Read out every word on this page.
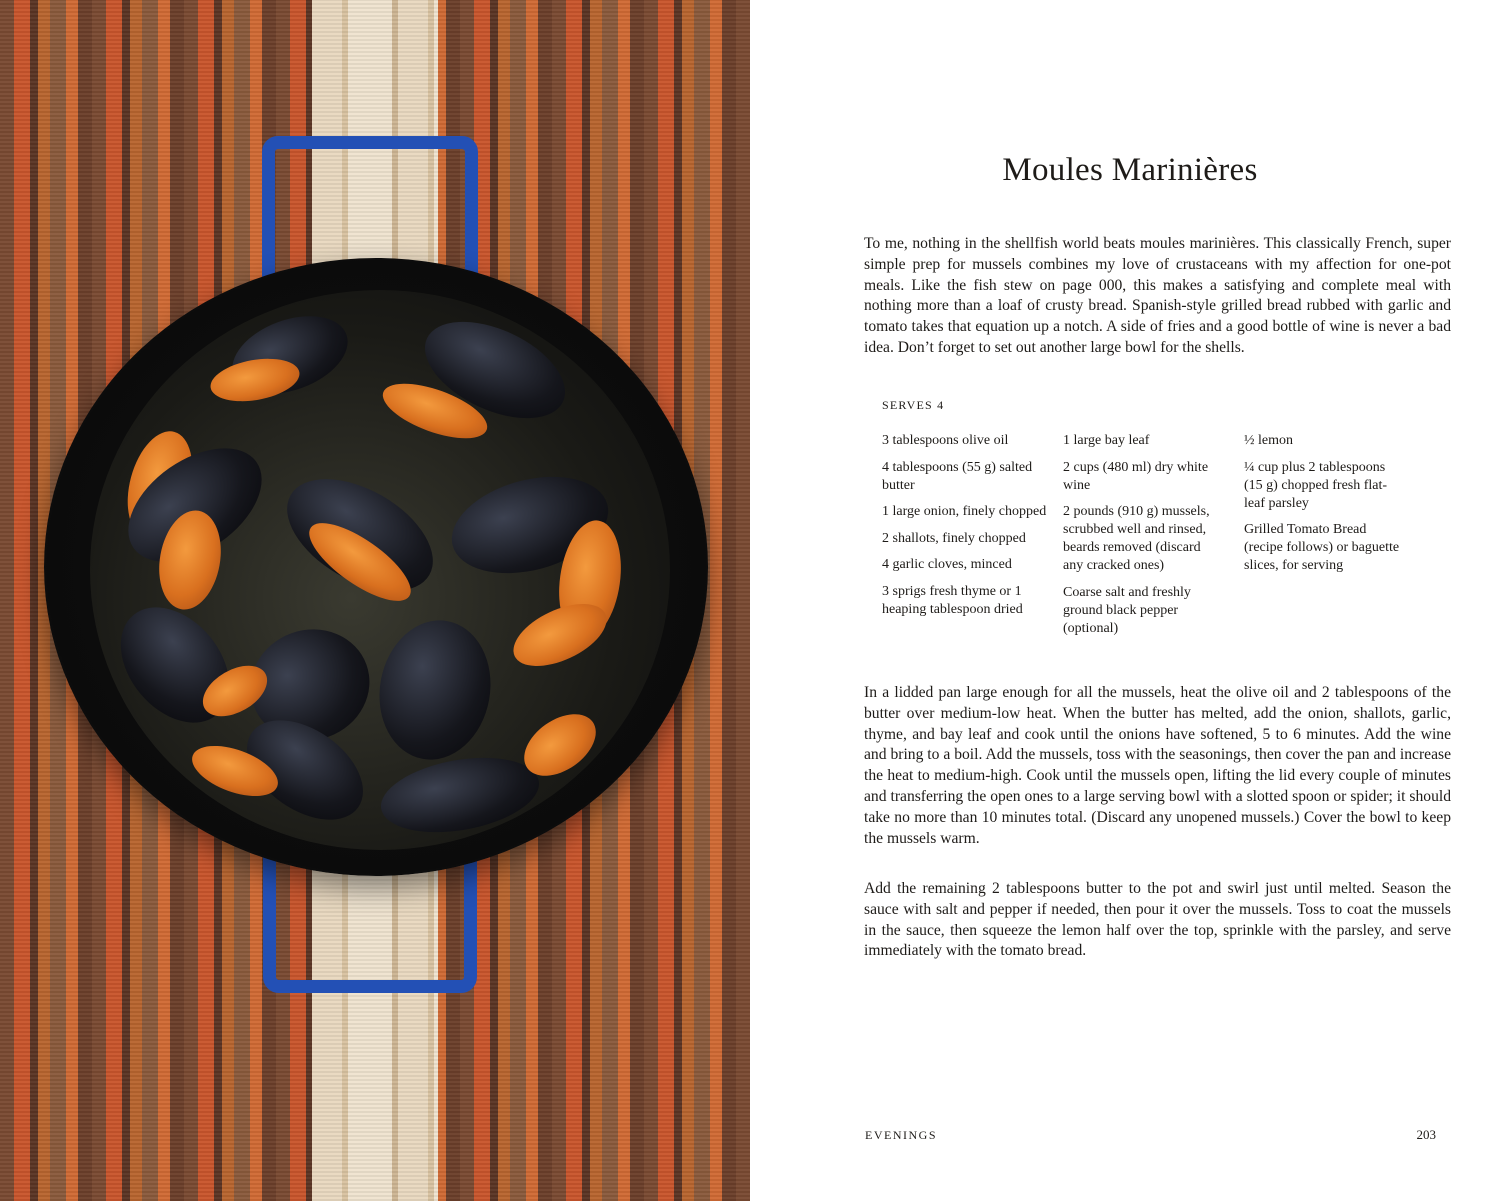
Moules Marinières

To me, nothing in the shellfish world beats moules marinières. This classically French, super simple prep for mussels combines my love of crustaceans with my affection for one-pot meals. Like the fish stew on page 000, this makes a satisfying and complete meal with nothing more than a loaf of crusty bread. Spanish-style grilled bread rubbed with garlic and tomato takes that equation up a notch. A side of fries and a good bottle of wine is never a bad idea. Don’t forget to set out another large bowl for the shells.

SERVES 4
3 tablespoons olive oil
4 tablespoons (55 g) salted butter
1 large onion, finely chopped
2 shallots, finely chopped
4 garlic cloves, minced
3 sprigs fresh thyme or 1 heaping tablespoon dried
1 large bay leaf
2 cups (480 ml) dry white wine
2 pounds (910 g) mussels, scrubbed well and rinsed, beards removed (discard any cracked ones)
Coarse salt and freshly ground black pepper (optional)
½ lemon
¼ cup plus 2 tablespoons (15 g) chopped fresh flat-leaf parsley
Grilled Tomato Bread (recipe follows) or baguette slices, for serving

In a lidded pan large enough for all the mussels, heat the olive oil and 2 tablespoons of the butter over medium-low heat. When the butter has melted, add the onion, shallots, garlic, thyme, and bay leaf and cook until the onions have softened, 5 to 6 minutes. Add the wine and bring to a boil. Add the mussels, toss with the seasonings, then cover the pan and increase the heat to medium-high. Cook until the mussels open, lifting the lid every couple of minutes and transferring the open ones to a large serving bowl with a slotted spoon or spider; it should take no more than 10 minutes total. (Discard any unopened mussels.) Cover the bowl to keep the mussels warm.

Add the remaining 2 tablespoons butter to the pot and swirl just until melted. Season the sauce with salt and pepper if needed, then pour it over the mussels. Toss to coat the mussels in the sauce, then squeeze the lemon half over the top, sprinkle with the parsley, and serve immediately with the tomato bread.

EVENINGS	203
